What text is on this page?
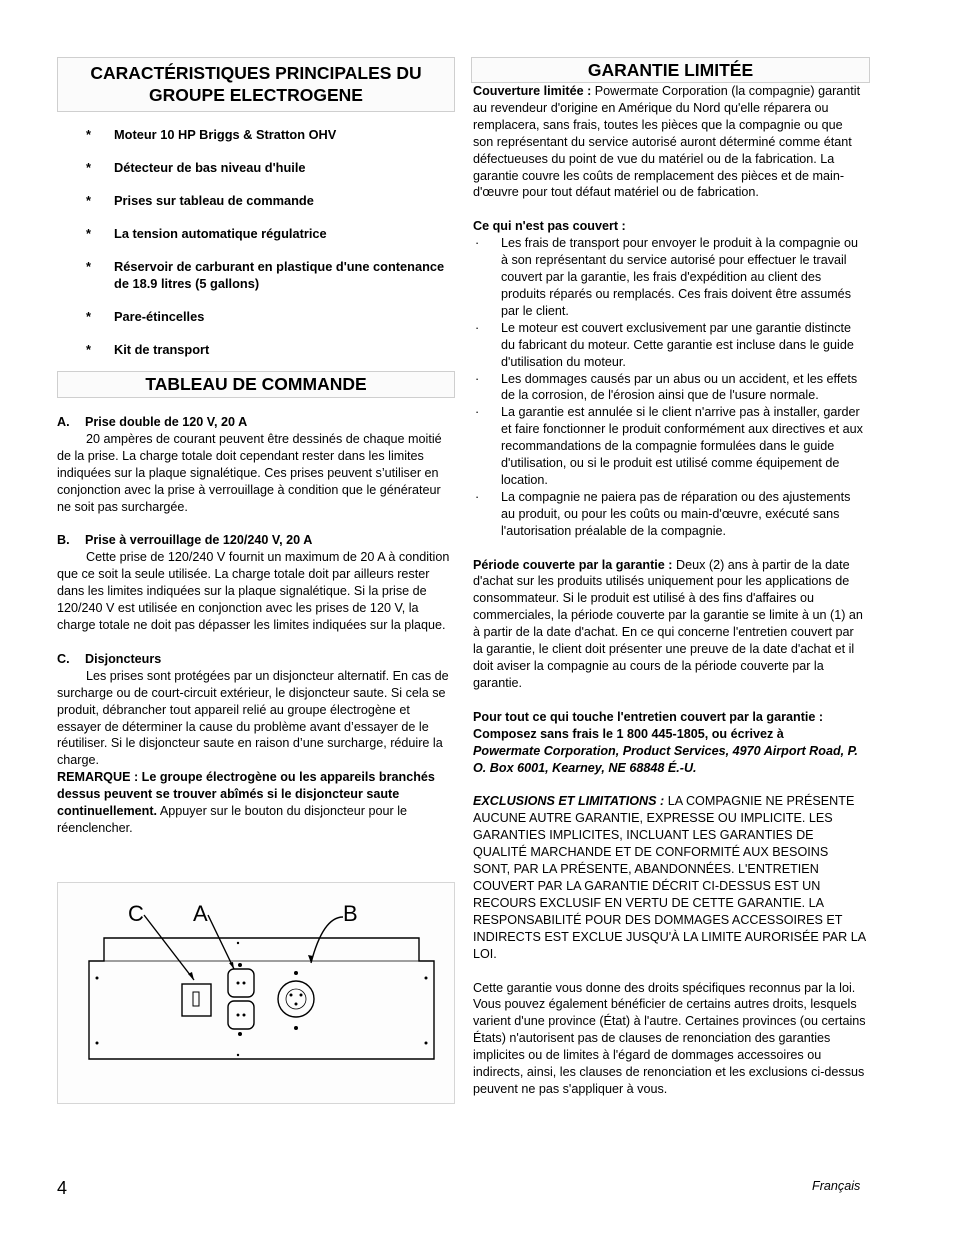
CARACTÉRISTIQUES PRINCIPALES DU GROUPE ELECTROGENE
*	Moteur 10 HP Briggs & Stratton OHV
*	Détecteur de bas niveau d'huile
*	Prises sur tableau de commande
*	La tension automatique régulatrice
*	Réservoir de carburant en plastique d'une contenance de 18.9 litres (5 gallons)
*	Pare-étincelles
*	Kit de transport
TABLEAU DE COMMANDE
A.	Prise double de 120 V, 20 A

20 ampères de courant peuvent être dessinés de chaque moitié de la prise. La charge totale doit cependant rester dans les limites indiquées sur la plaque signalétique. Ces prises peuvent s’utiliser en conjonction avec la prise à verrouillage à condition que le générateur ne soit pas surchargée.

B.	Prise à verrouillage de 120/240 V, 20 A

Cette prise de 120/240 V fournit un maximum de 20 A à condition que ce soit la seule utilisée. La charge totale doit par ailleurs rester dans les limites indiquées sur la plaque signalétique. Si la prise de 120/240 V est utilisée en conjonction avec les prises de 120 V, la charge totale ne doit pas dépasser les limites indiquées sur la plaque.

C.	Disjoncteurs

Les prises sont protégées par un disjoncteur alternatif. En cas de surcharge ou de court-circuit extérieur, le disjoncteur saute. Si cela se produit, débrancher tout appareil relié au groupe électrogène et essayer de déterminer la cause du problème avant d’essayer de le réutiliser. Si le disjoncteur saute en raison d’une surcharge, réduire la charge.

REMARQUE : Le groupe électrogène ou les appareils branchés dessus peuvent se trouver abîmés si le disjoncteur saute continuellement. Appuyer sur le bouton du disjoncteur pour le réenclencher.

C A	B
GARANTIE LIMITÉE

Couverture limitée : Powermate Corporation (la compagnie) garantit au revendeur d'origine en Amérique du Nord qu'elle réparera ou remplacera, sans frais, toutes les pièces que la compagnie ou que son représentant du service autorisé auront déterminé comme étant défectueuses du point de vue du matériel ou de la fabrication. La garantie couvre les coûts de remplacement des pièces et de main-d'œuvre pour tout défaut matériel ou de fabrication.

Ce qui n'est pas couvert :

·	Les frais de transport pour envoyer le produit à la compagnie ou à son représentant du service autorisé pour effectuer le travail couvert par la garantie, les frais d'expédition au client des produits réparés ou remplacés. Ces frais doivent être assumés par le client.
·	Le moteur est couvert exclusivement par une garantie distincte du fabricant du moteur. Cette garantie est incluse dans le guide d'utilisation du moteur.
·	Les dommages causés par un abus ou un accident, et les effets de la corrosion, de l'érosion ainsi que de l'usure normale.
·	La garantie est annulée si le client n'arrive pas à installer, garder et faire fonctionner le produit conformément aux directives et aux recommandations de la compagnie formulées dans le guide d'utilisation, ou si le produit est utilisé comme équipement de location.
·	La compagnie ne paiera pas de réparation ou des ajustements au produit, ou pour les coûts ou main-d'œuvre, exécuté sans l'autorisation préalable de la compagnie.

Période couverte par la garantie : Deux (2) ans à partir de la date d'achat sur les produits utilisés uniquement pour les applications de consommateur. Si le produit est utilisé à des fins d'affaires ou commerciales, la période couverte par la garantie se limite à un (1) an à partir de la date d'achat. En ce qui concerne l'entretien couvert par la garantie, le client doit présenter une preuve de la date d'achat et il doit aviser la compagnie au cours de la période couverte par la garantie.

Pour tout ce qui touche l'entretien couvert par la garantie : Composez sans frais le 1 800 445-1805, ou écrivez à
Powermate Corporation, Product Services, 4970 Airport Road, P. O. Box 6001, Kearney, NE 68848 É.-U.

EXCLUSIONS ET LIMITATIONS : LA COMPAGNIE NE PRÉSENTE AUCUNE AUTRE GARANTIE, EXPRESSE OU IMPLICITE. LES GARANTIES IMPLICITES, INCLUANT LES GARANTIES DE QUALITÉ MARCHANDE ET DE CONFORMITÉ AUX BESOINS SONT, PAR LA PRÉSENTE, ABANDONNÉES. L'ENTRETIEN COUVERT PAR LA GARANTIE DÉCRIT CI-DESSUS EST UN RECOURS EXCLUSIF EN VERTU DE CETTE GARANTIE. LA RESPONSABILITÉ POUR DES DOMMAGES ACCESSOIRES ET INDIRECTS EST EXCLUE JUSQU'À LA LIMITE AURORISÉE PAR LA LOI.

Cette garantie vous donne des droits spécifiques reconnus par la loi. Vous pouvez également bénéficier de certains autres droits, lesquels varient d'une province (État) à l'autre. Certaines provinces (ou certains États) n'autorisent pas de clauses de renonciation des garanties implicites ou de limites à l'égard de dommages accessoires ou indirects, ainsi, les clauses de renonciation et les exclusions ci-dessus peuvent ne pas s'appliquer à vous.

4	Français
